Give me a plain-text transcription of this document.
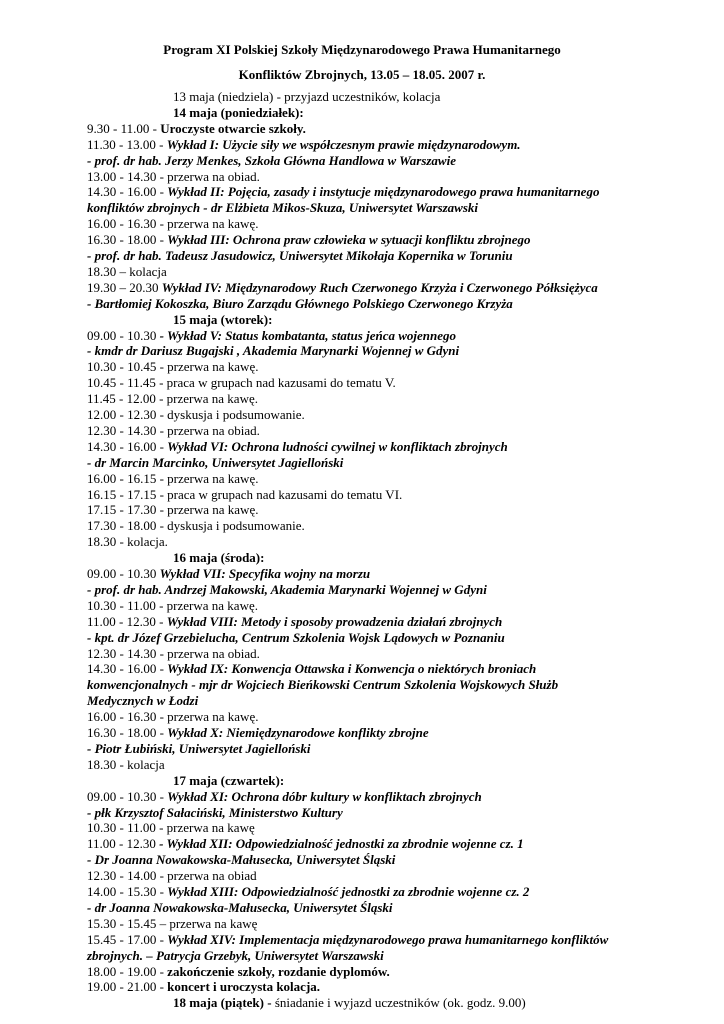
Program XI Polskiej Szkoły Międzynarodowego Prawa Humanitarnego
Konfliktów Zbrojnych, 13.05 – 18.05. 2007 r.
13 maja (niedziela) - przyjazd uczestników, kolacja
14 maja (poniedziałek):
9.30 - 11.00 - Uroczyste otwarcie szkoły.
11.30 - 13.00 - Wykład I: Użycie siły we współczesnym prawie międzynarodowym.
- prof. dr hab. Jerzy Menkes, Szkoła Główna Handlowa w Warszawie
13.00 - 14.30 - przerwa na obiad.
14.30 - 16.00 - Wykład II: Pojęcia, zasady i instytucje międzynarodowego prawa humanitarnego
konfliktów zbrojnych - dr Elżbieta Mikos-Skuza, Uniwersytet Warszawski
16.00 - 16.30 - przerwa na kawę.
16.30 - 18.00 - Wykład III: Ochrona praw człowieka w sytuacji konfliktu zbrojnego
- prof. dr hab. Tadeusz Jasudowicz, Uniwersytet Mikołaja Kopernika w Toruniu
18.30 – kolacja
19.30 – 20.30 Wykład IV: Międzynarodowy Ruch Czerwonego Krzyża i Czerwonego Półksiężyca
- Bartłomiej Kokoszka, Biuro Zarządu Głównego Polskiego Czerwonego Krzyża
15 maja (wtorek):
09.00 - 10.30 - Wykład V: Status kombatanta, status jeńca wojennego
- kmdr dr Dariusz Bugajski , Akademia Marynarki Wojennej w Gdyni
10.30 - 10.45 - przerwa na kawę.
10.45 - 11.45 - praca w grupach nad kazusami do tematu V.
11.45 - 12.00 - przerwa na kawę.
12.00 - 12.30 - dyskusja i podsumowanie.
12.30 - 14.30 - przerwa na obiad.
14.30 - 16.00 - Wykład VI: Ochrona ludności cywilnej w konfliktach zbrojnych
- dr Marcin Marcinko, Uniwersytet Jagielloński
16.00 - 16.15 - przerwa na kawę.
16.15 - 17.15 - praca w grupach nad kazusami do tematu VI.
17.15 - 17.30 - przerwa na kawę.
17.30 - 18.00 - dyskusja i podsumowanie.
18.30 - kolacja.
16 maja (środa):
09.00 - 10.30 Wykład VII: Specyfika wojny na morzu
- prof. dr hab. Andrzej Makowski, Akademia Marynarki Wojennej w Gdyni
10.30 - 11.00 - przerwa na kawę.
11.00 - 12.30 - Wykład VIII: Metody i sposoby prowadzenia działań zbrojnych
- kpt. dr Józef Grzebielucha, Centrum Szkolenia Wojsk Lądowych w Poznaniu
12.30 - 14.30 - przerwa na obiad.
14.30 - 16.00 - Wykład IX: Konwencja Ottawska i Konwencja o niektórych broniach
konwencjonalnych - mjr dr Wojciech Bieńkowski Centrum Szkolenia Wojskowych Służb
Medycznych w Łodzi
16.00 - 16.30 - przerwa na kawę.
16.30 - 18.00 - Wykład X: Niemiędzynarodowe konflikty zbrojne
- Piotr Łubiński, Uniwersytet Jagielloński
18.30 - kolacja
17 maja (czwartek):
09.00 - 10.30 - Wykład XI: Ochrona dóbr kultury w konfliktach zbrojnych
- płk Krzysztof Sałaciński, Ministerstwo Kultury
10.30 - 11.00 - przerwa na kawę
11.00 - 12.30 - Wykład XII: Odpowiedzialność jednostki za zbrodnie wojenne cz. 1
- Dr Joanna Nowakowska-Małusecka, Uniwersytet Śląski
12.30 - 14.00 - przerwa na obiad
14.00 - 15.30 - Wykład XIII: Odpowiedzialność jednostki za zbrodnie wojenne cz. 2
- dr Joanna Nowakowska-Małusecka, Uniwersytet Śląski
15.30 - 15.45 – przerwa na kawę
15.45 - 17.00 - Wykład XIV: Implementacja międzynarodowego prawa humanitarnego konfliktów
zbrojnych. – Patrycja Grzebyk, Uniwersytet Warszawski
18.00 - 19.00 - zakończenie szkoły, rozdanie dyplomów.
19.00 - 21.00 - koncert i uroczysta kolacja.
18 maja (piątek) - śniadanie i wyjazd uczestników (ok. godz. 9.00)
